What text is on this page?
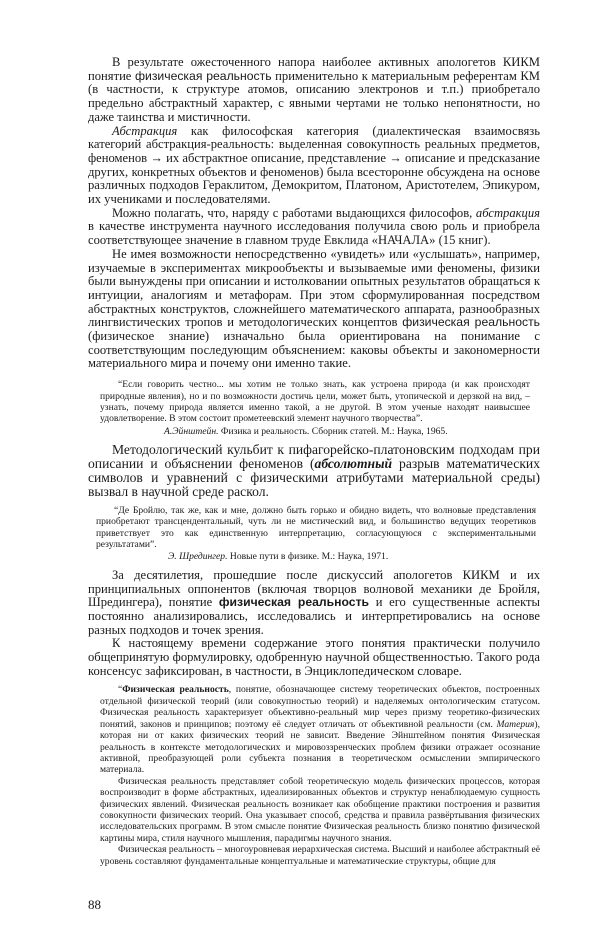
В результате ожесточенного напора наиболее активных апологетов КИКМ понятие физическая реальность применительно к материальным референтам КМ (в частности, к структуре атомов, описанию электронов и т.п.) приобретало предельно абстрактный характер, с явными чертами не только непонятности, но даже таинства и мистичности.

Абстракция как философская категория (диалектическая взаимосвязь категорий абстракция-реальность: выделенная совокупность реальных предметов, феноменов → их абстрактное описание, представление → описание и предсказание других, конкретных объектов и феноменов) была всесторонне обсуждена на основе различных подходов Гераклитом, Демокритом, Платоном, Аристотелем, Эпикуром, их учениками и последователями.

Можно полагать, что, наряду с работами выдающихся философов, абстракция в качестве инструмента научного исследования получила свою роль и приобрела соответствующее значение в главном труде Евклида «НАЧАЛА» (15 книг).

Не имея возможности непосредственно «увидеть» или «услышать», например, изучаемые в экспериментах микрообъекты и вызываемые ими феномены, физики были вынуждены при описании и истолковании опытных результатов обращаться к интуиции, аналогиям и метафорам. При этом сформулированная посредством абстрактных конструктов, сложнейшего математического аппарата, разнообразных лингвистических тропов и методологических концептов физическая реальность (физическое знание) изначально была ориентирована на понимание с соответствующим последующим объяснением: каковы объекты и закономерности материального мира и почему они именно такие.

“Если говорить честно... мы хотим не только знать, как устроена природа (и как происходят природные явления), но и по возможности достичь цели, может быть, утопической и дерзкой на вид, – узнать, почему природа является именно такой, а не другой. В этом ученые находят наивысшее удовлетворение. В этом состоит прометеевский элемент научного творчества”.

А.Эйнштейн. Физика и реальность. Сборник статей. М.: Наука, 1965.

Методологический кульбит к пифагорейско-платоновским подходам при описании и объяснении феноменов (абсолютный разрыв математических символов и уравнений с физическими атрибутами материальной среды) вызвал в научной среде раскол.

“Де Бройлю, так же, как и мне, должно быть горько и обидно видеть, что волновые представления приобретают трансцендентальный, чуть ли не мистический вид, и большинство ведущих теоретиков приветствует это как единственную интерпретацию, согласующуюся с экспериментальными результатами”.

Э. Шредингер. Новые пути в физике. М.: Наука, 1971.

За десятилетия, прошедшие после дискуссий апологетов КИКМ и их принципиальных оппонентов (включая творцов волновой механики де Бройля, Шредингера), понятие физическая реальность и его существенные аспекты постоянно анализировались, исследовались и интерпретировались на основе разных подходов и точек зрения.

К настоящему времени содержание этого понятия практически получило общепринятую формулировку, одобренную научной общественностью. Такого рода консенсус зафиксирован, в частности, в Энциклопедическом словаре.

“Физическая реальность, понятие, обозначающее систему теоретических объектов, построенных отдельной физической теорий (или совокупностью теорий) и наделяемых онтологическим статусом. Физическая реальность характеризует объективно-реальный мир через призму теоретико-физических понятий, законов и принципов; поэтому её следует отличать от объективной реальности (см. Материя), которая ни от каких физических теорий не зависит. Введение Эйнштейном понятия Физическая реальность в контексте методологических и мировоззренческих проблем физики отражает осознание активной, преобразующей роли субъекта познания в теоретическом осмыслении эмпирического материала.

Физическая реальность представляет собой теоретическую модель физических процессов, которая воспроизводит в форме абстрактных, идеализированных объектов и структур ненаблюдаемую сущность физических явлений. Физическая реальность возникает как обобщение практики построения и развития совокупности физических теорий. Она указывает способ, средства и правила развёртывания физических исследовательских программ. В этом смысле понятие Физическая реальность близко понятию физической картины мира, стиля научного мышления, парадигмы научного знания.

Физическая реальность – многоуровневая иерархическая система. Высший и наиболее абстрактный её уровень составляют фундаментальные концептуальные и математические структуры, общие для

88
